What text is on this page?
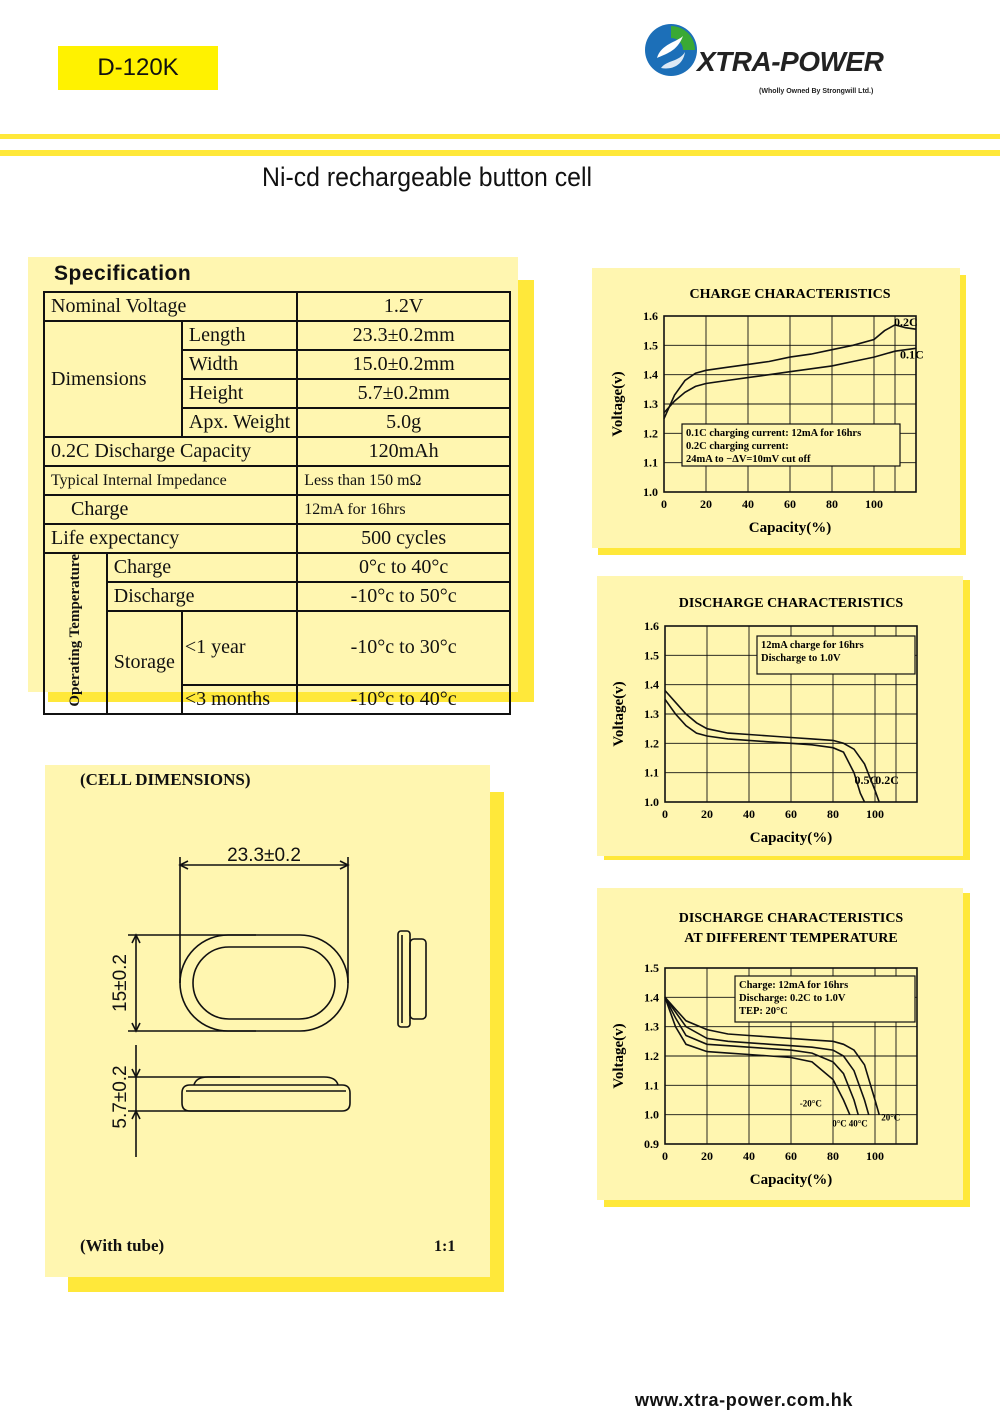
D-120K	XTRA-POWER
(Wholly Owned By Strongwill Ltd.)
Ni-cd rechargeable button cell
Specification
Nominal Voltage			1.2V
Dimensions		Length	23.3±0.2mm
		Width	15.0±0.2mm
		Height	5.7±0.2mm
		Apx. Weight	5.0g
0.2C Discharge Capacity			120mAh
Typical Internal Impedance			Less than 150 mΩ
Charge			12mA for 16hrs
Life expectancy			500 cycles
Operating Temperature	Charge		0°c to 40°c
	Discharge		-10°c to 50°c
	Storage	<1 year	-10°c to 30°c
		<3 months	-10°c to 40°c
(CELL DIMENSIONS)
23.3±0.2
15±0.2
5.7±0.2
(With tube)	1:1
CHARGE CHARACTERISTICS
1.0
1.1
1.2
1.3
1.4
1.5
1.6
0	20	40	60	80 100
Capacity(%)
Voltage(v)	0.1C charging current: 12mA for 16hrs
0.2C charging current:
24mA to −ΔV=10mV cut off
0.2C
0.1C
DISCHARGE CHARACTERISTICS
1.0
1.1
1.2
1.3
1.4
1.5
1.6
0	20	40	60	80 100
Capacity(%)
Voltage(v)
12mA charge for 16hrs
Discharge to 1.0V
0.5C
0.2C
DISCHARGE CHARACTERISTICS
AT DIFFERENT TEMPERATURE
0.9
1.0
1.1
1.2
1.3
1.4
1.5
0	20	40	60	80 100
Capacity(%)
Voltage(v)
Charge: 12mA for 16hrs
Discharge: 0.2C to 1.0V
TEP: 20°C
-20°C
0°C 40°C
20°C
www.xtra-power.com.hk
